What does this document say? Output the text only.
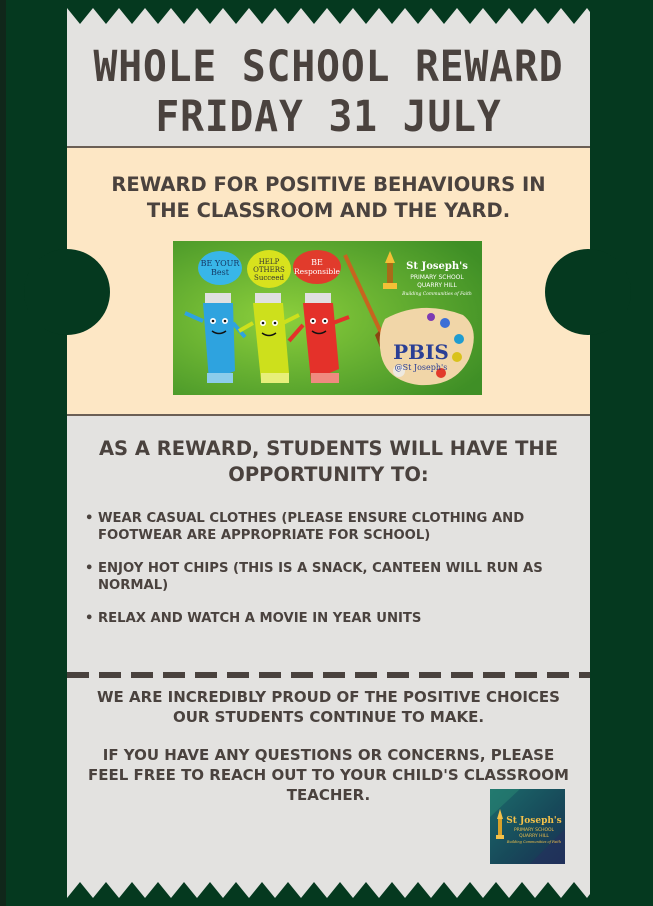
WHOLE SCHOOL REWARD
FRIDAY 31 JULY

REWARD FOR POSITIVE BEHAVIOURS IN THE CLASSROOM AND THE YARD.

BE YOUR
Best
HELP
OTHERS
Succeed
BE
Responsible	St Joseph's
PRIMARY SCHOOL
QUARRY HILL
Building Communities of Faith
PBIS
@St Joseph's

AS A REWARD, STUDENTS WILL HAVE THE OPPORTUNITY TO:

• WEAR CASUAL CLOTHES (PLEASE ENSURE CLOTHING AND FOOTWEAR ARE APPROPRIATE FOR SCHOOL)
• ENJOY HOT CHIPS (THIS IS A SNACK, CANTEEN WILL RUN AS NORMAL)
• RELAX AND WATCH A MOVIE IN YEAR UNITS

WE ARE INCREDIBLY PROUD OF THE POSITIVE CHOICES OUR STUDENTS CONTINUE TO MAKE.

IF YOU HAVE ANY QUESTIONS OR CONCERNS, PLEASE FEEL FREE TO REACH OUT TO YOUR CHILD'S CLASSROOM TEACHER.

St Joseph's
PRIMARY SCHOOL
QUARRY HILL
Building Communities of Faith
